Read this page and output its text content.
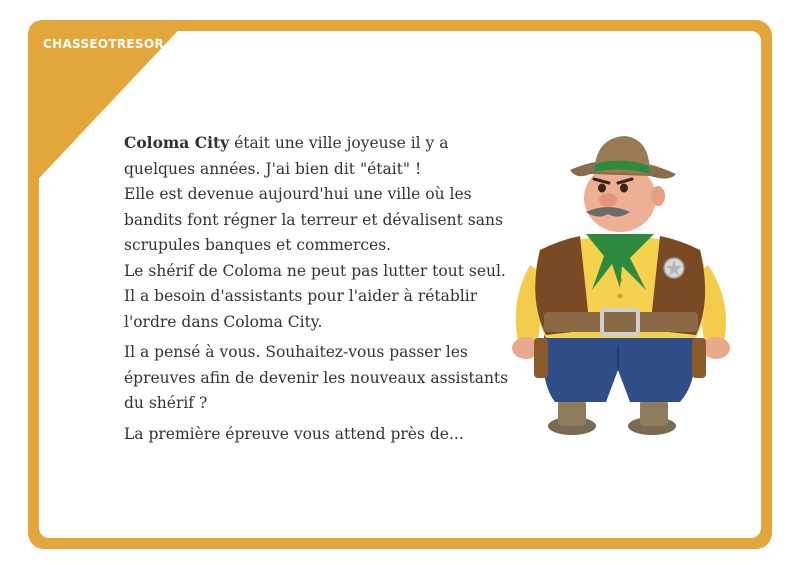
CHASSEOTRESOR

Coloma City était une ville joyeuse il y a quelques années. J'ai bien dit "était" !
Elle est devenue aujourd'hui une ville où les bandits font régner la terreur et dévalisent sans scrupules banques et commerces.
Le shérif de Coloma ne peut pas lutter tout seul. Il a besoin d'assistants pour l'aider à rétablir l'ordre dans Coloma City.

Il a pensé à vous. Souhaitez-vous passer les épreuves afin de devenir les nouveaux assistants du shérif ?

La première épreuve vous attend près de...
